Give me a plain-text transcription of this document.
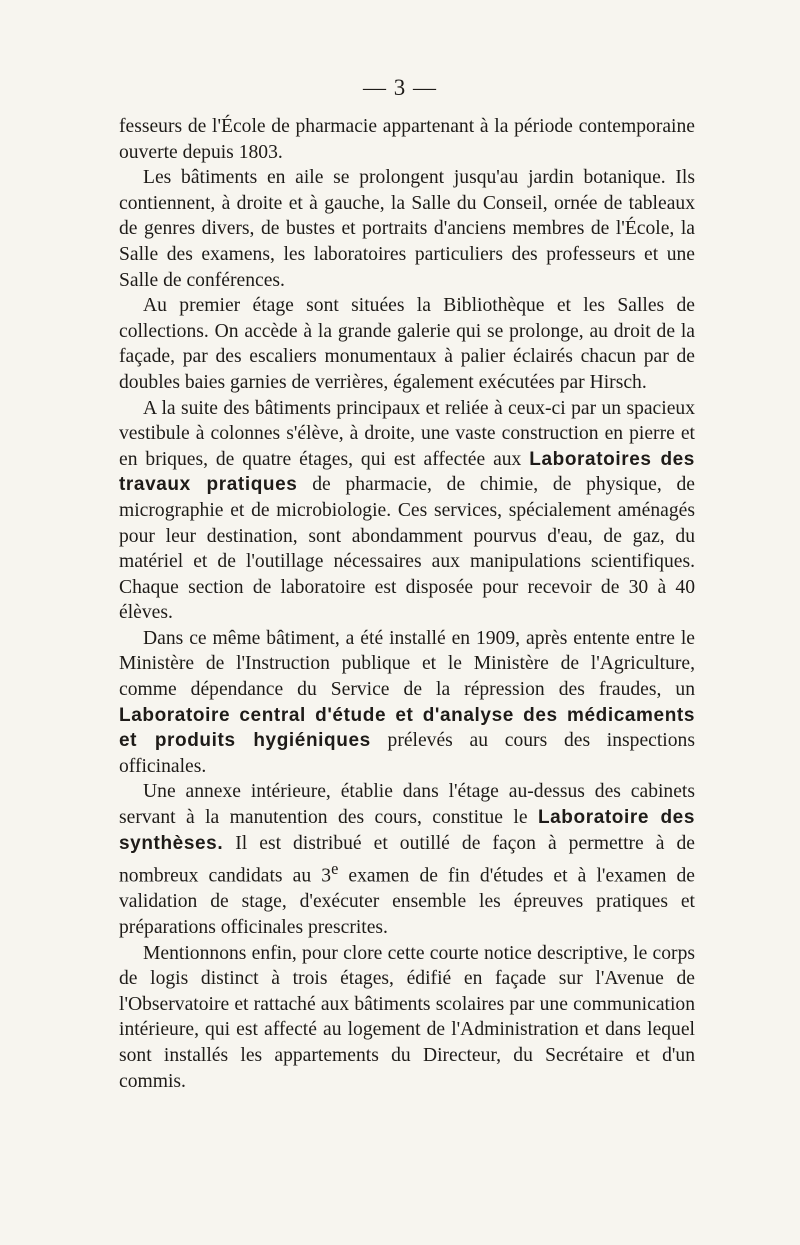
— 3 —

fesseurs de l'École de pharmacie appartenant à la période contemporaine ouverte depuis 1803.

Les bâtiments en aile se prolongent jusqu'au jardin botanique. Ils contiennent, à droite et à gauche, la Salle du Conseil, ornée de tableaux de genres divers, de bustes et portraits d'anciens membres de l'École, la Salle des examens, les laboratoires particuliers des professeurs et une Salle de conférences.

Au premier étage sont situées la Bibliothèque et les Salles de collections. On accède à la grande galerie qui se prolonge, au droit de la façade, par des escaliers monumentaux à palier éclairés chacun par de doubles baies garnies de verrières, également exécutées par Hirsch.

A la suite des bâtiments principaux et reliée à ceux-ci par un spacieux vestibule à colonnes s'élève, à droite, une vaste construction en pierre et en briques, de quatre étages, qui est affectée aux Laboratoires des travaux pratiques de pharmacie, de chimie, de physique, de micrographie et de microbiologie. Ces services, spécialement aménagés pour leur destination, sont abondamment pourvus d'eau, de gaz, du matériel et de l'outillage nécessaires aux manipulations scientifiques. Chaque section de laboratoire est disposée pour recevoir de 30 à 40 élèves.

Dans ce même bâtiment, a été installé en 1909, après entente entre le Ministère de l'Instruction publique et le Ministère de l'Agriculture, comme dépendance du Service de la répression des fraudes, un Laboratoire central d'étude et d'analyse des médicaments et produits hygiéniques prélevés au cours des inspections officinales.

Une annexe intérieure, établie dans l'étage au-dessus des cabinets servant à la manutention des cours, constitue le Laboratoire des synthèses. Il est distribué et outillé de façon à permettre à de nombreux candidats au 3e examen de fin d'études et à l'examen de validation de stage, d'exécuter ensemble les épreuves pratiques et préparations officinales prescrites.

Mentionnons enfin, pour clore cette courte notice descriptive, le corps de logis distinct à trois étages, édifié en façade sur l'Avenue de l'Observatoire et rattaché aux bâtiments scolaires par une communication intérieure, qui est affecté au logement de l'Administration et dans lequel sont installés les appartements du Directeur, du Secrétaire et d'un commis.
